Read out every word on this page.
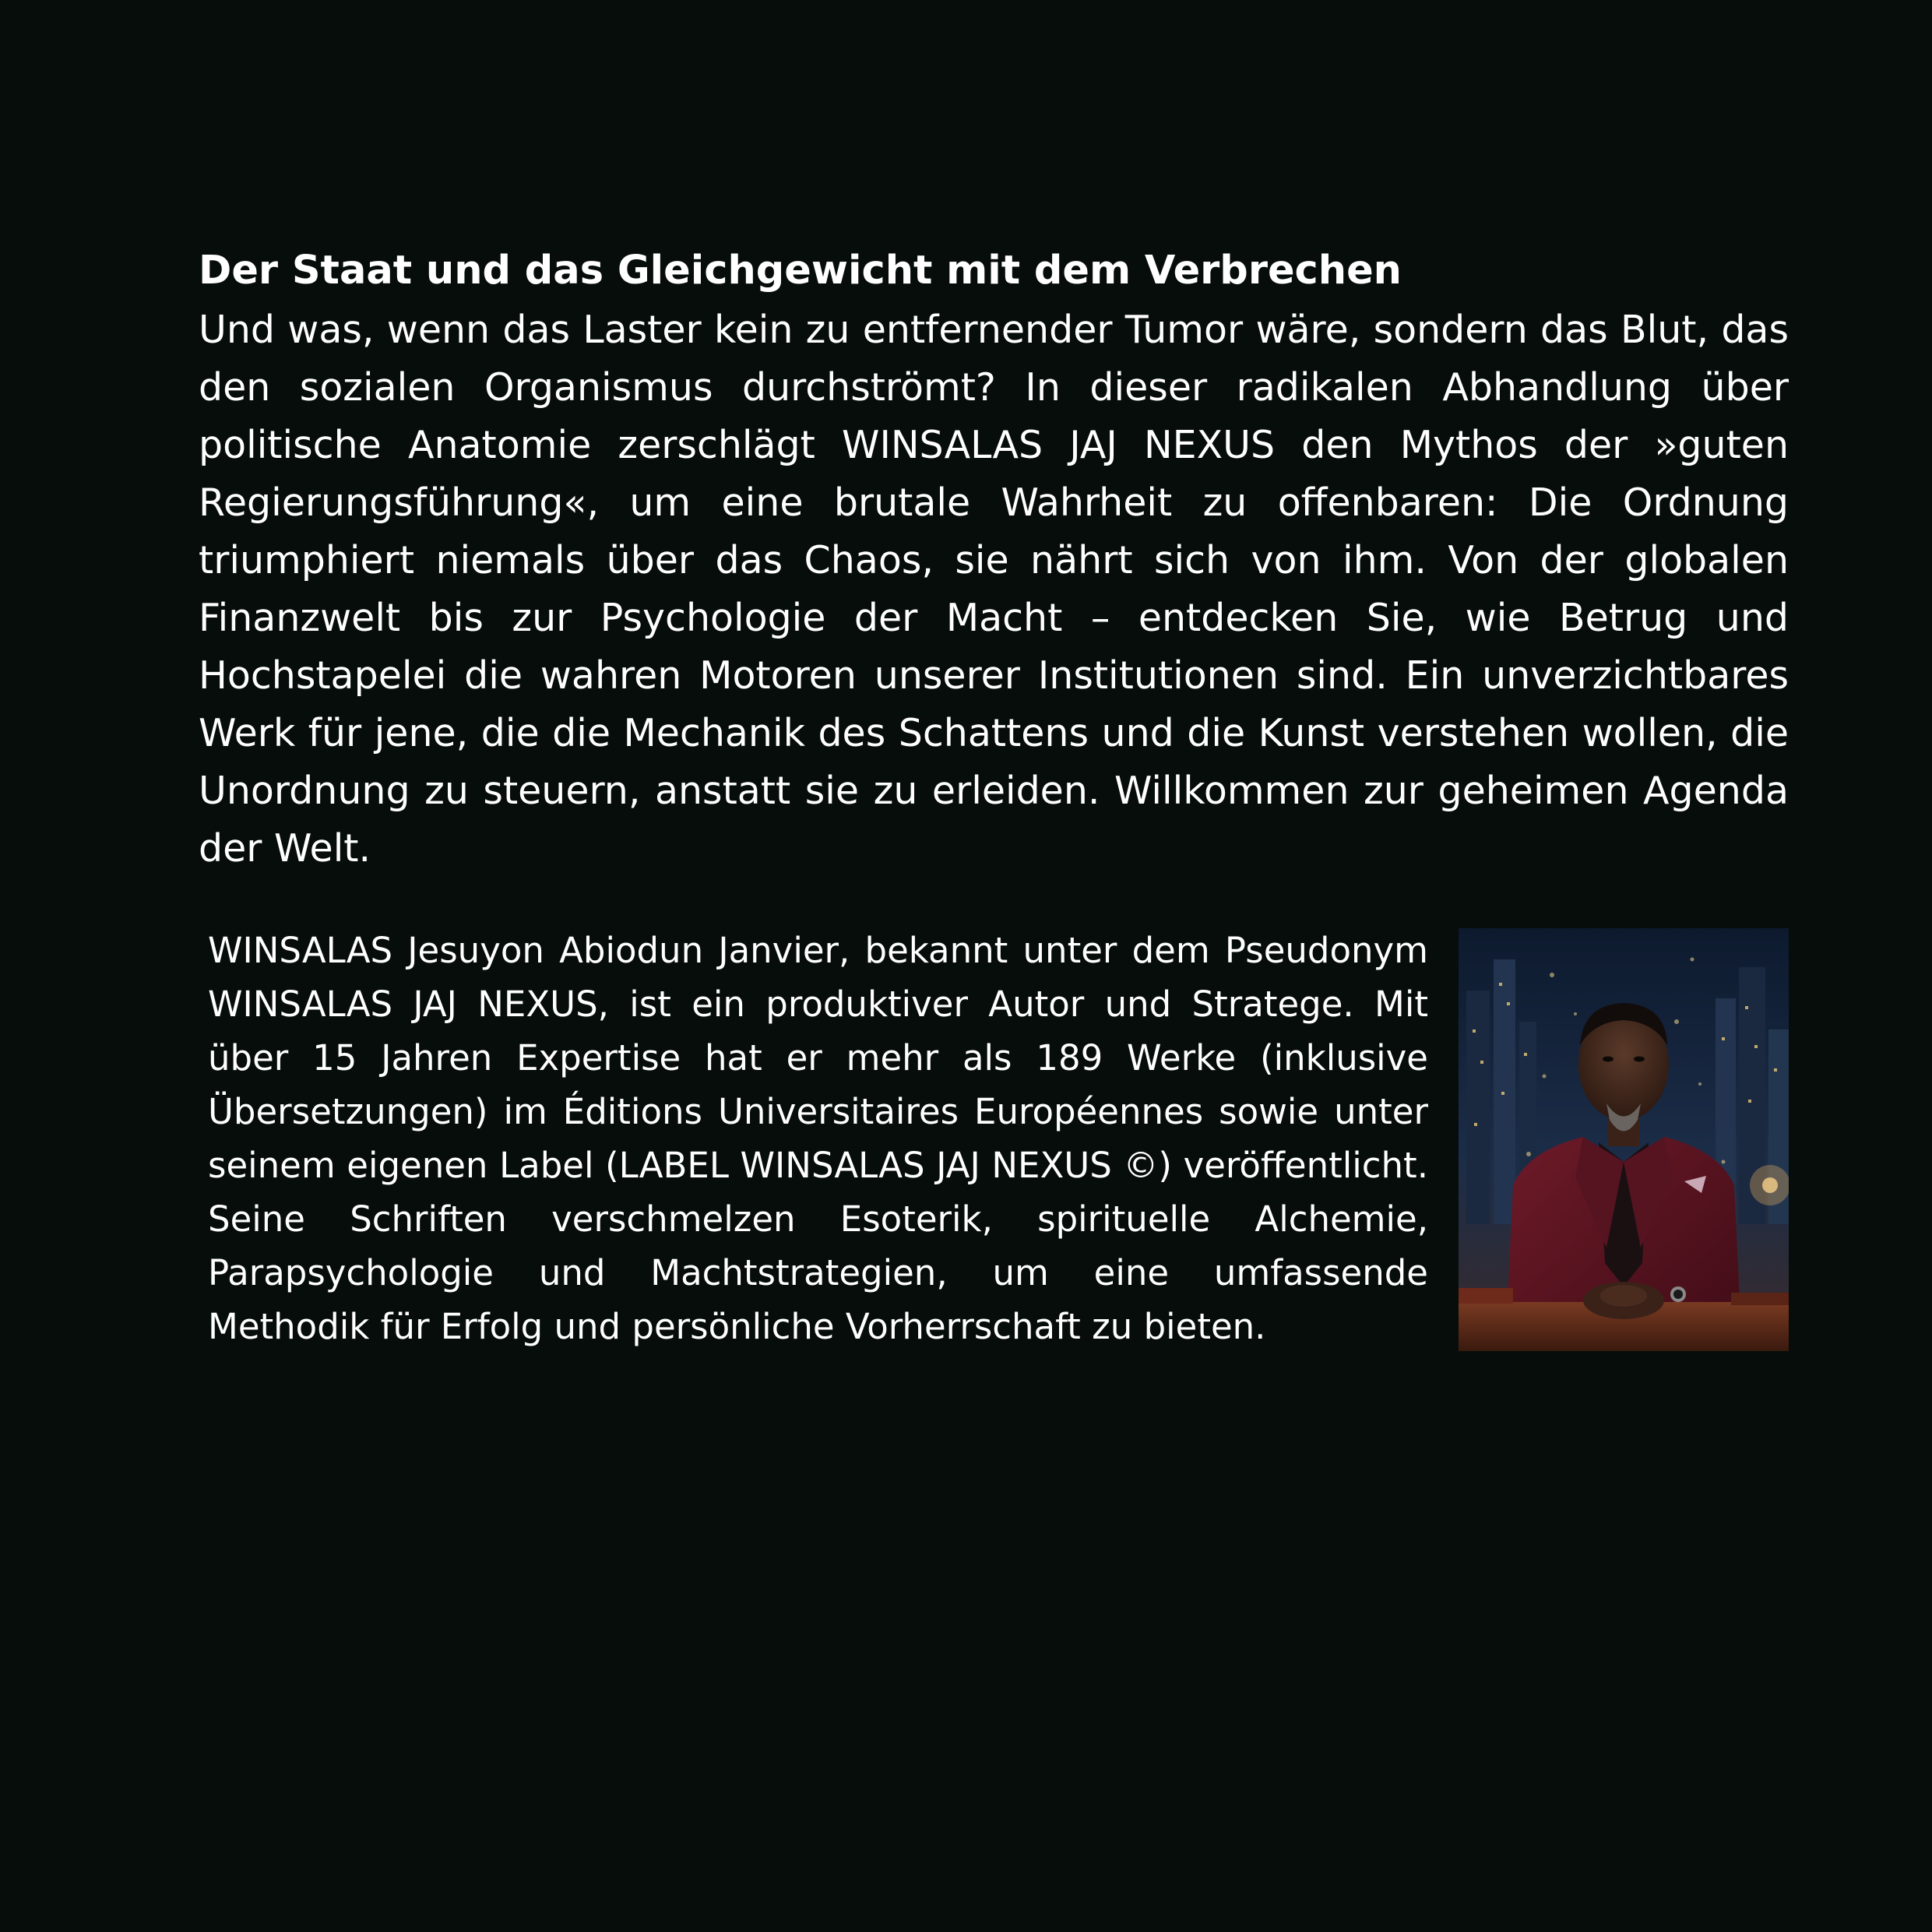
Der Staat und das Gleichgewicht mit dem Verbrechen

Und was, wenn das Laster kein zu entfernender Tumor wäre, sondern das Blut, das den sozialen Organismus durchströmt? In dieser radikalen Abhandlung über politische Anatomie zerschlägt WINSALAS JAJ NEXUS den Mythos der »guten Regierungsführung«, um eine brutale Wahrheit zu offenbaren: Die Ordnung triumphiert niemals über das Chaos, sie nährt sich von ihm. Von der globalen Finanzwelt bis zur Psychologie der Macht – entdecken Sie, wie Betrug und Hochstapelei die wahren Motoren unserer Institutionen sind. Ein unverzichtbares Werk für jene, die die Mechanik des Schattens und die Kunst verstehen wollen, die Unordnung zu steuern, anstatt sie zu erleiden. Willkommen zur geheimen Agenda der Welt.

WINSALAS Jesuyon Abiodun Janvier, bekannt unter dem Pseudonym WINSALAS JAJ NEXUS, ist ein produktiver Autor und Stratege. Mit über 15 Jahren Expertise hat er mehr als 189 Werke (inklusive Übersetzungen) im Éditions Universitaires Européennes sowie unter seinem eigenen Label (LABEL WINSALAS JAJ NEXUS ©) veröffentlicht. Seine Schriften verschmelzen Esoterik, spirituelle Alchemie, Parapsychologie und Machtstrategien, um eine umfassende Methodik für Erfolg und persönliche Vorherrschaft zu bieten.
